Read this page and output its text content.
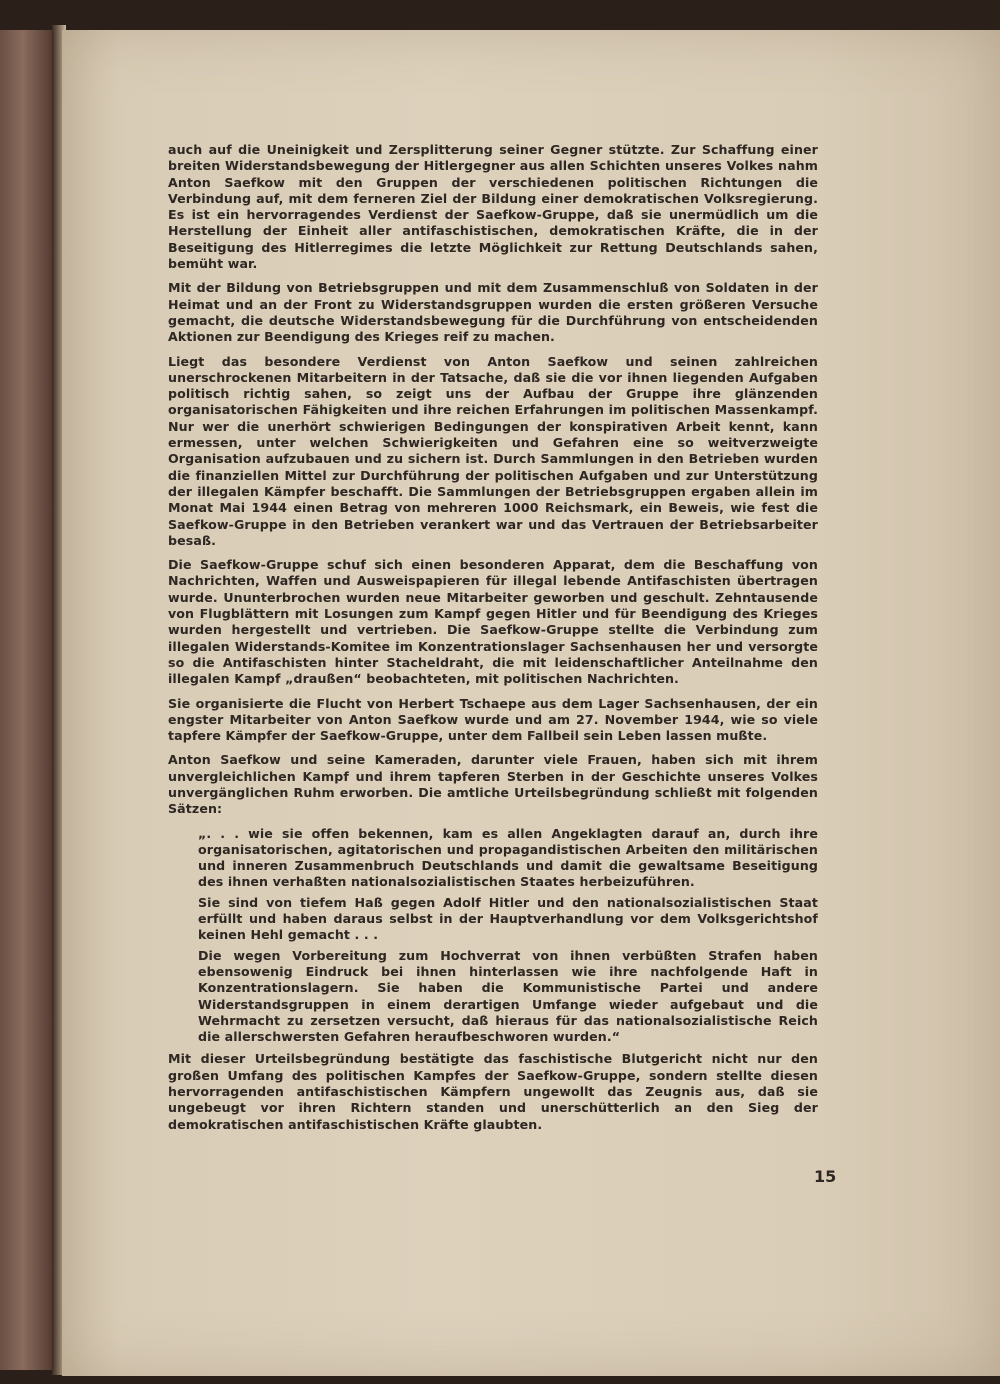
auch auf die Uneinigkeit und Zersplitterung seiner Gegner stützte. Zur Schaffung einer breiten Widerstandsbewegung der Hitlergegner aus allen Schichten unseres Volkes nahm Anton Saefkow mit den Gruppen der verschiedenen politischen Richtungen die Verbindung auf, mit dem ferneren Ziel der Bildung einer demokratischen Volksregierung. Es ist ein hervorragendes Verdienst der Saefkow-Gruppe, daß sie unermüdlich um die Herstellung der Einheit aller antifaschistischen, demokratischen Kräfte, die in der Beseitigung des Hitlerregimes die letzte Möglichkeit zur Rettung Deutschlands sahen, bemüht war.

Mit der Bildung von Betriebsgruppen und mit dem Zusammenschluß von Soldaten in der Heimat und an der Front zu Widerstandsgruppen wurden die ersten größeren Versuche gemacht, die deutsche Widerstandsbewegung für die Durchführung von entscheidenden Aktionen zur Beendigung des Krieges reif zu machen.

Liegt das besondere Verdienst von Anton Saefkow und seinen zahlreichen unerschrockenen Mitarbeitern in der Tatsache, daß sie die vor ihnen liegenden Aufgaben politisch richtig sahen, so zeigt uns der Aufbau der Gruppe ihre glänzenden organisatorischen Fähigkeiten und ihre reichen Erfahrungen im politischen Massenkampf. Nur wer die unerhört schwierigen Bedingungen der konspirativen Arbeit kennt, kann ermessen, unter welchen Schwierigkeiten und Gefahren eine so weitverzweigte Organisation aufzubauen und zu sichern ist. Durch Sammlungen in den Betrieben wurden die finanziellen Mittel zur Durchführung der politischen Aufgaben und zur Unterstützung der illegalen Kämpfer beschafft. Die Sammlungen der Betriebsgruppen ergaben allein im Monat Mai 1944 einen Betrag von mehreren 1000 Reichsmark, ein Beweis, wie fest die Saefkow-Gruppe in den Betrieben verankert war und das Vertrauen der Betriebsarbeiter besaß.

Die Saefkow-Gruppe schuf sich einen besonderen Apparat, dem die Beschaffung von Nachrichten, Waffen und Ausweispapieren für illegal lebende Antifaschisten übertragen wurde. Ununterbrochen wurden neue Mitarbeiter geworben und geschult. Zehntausende von Flugblättern mit Losungen zum Kampf gegen Hitler und für Beendigung des Krieges wurden hergestellt und vertrieben. Die Saefkow-Gruppe stellte die Verbindung zum illegalen Widerstands-Komitee im Konzentrationslager Sachsenhausen her und versorgte so die Antifaschisten hinter Stacheldraht, die mit leidenschaftlicher Anteilnahme den illegalen Kampf „draußen“ beobachteten, mit politischen Nachrichten.

Sie organisierte die Flucht von Herbert Tschaepe aus dem Lager Sachsenhausen, der ein engster Mitarbeiter von Anton Saefkow wurde und am 27. November 1944, wie so viele tapfere Kämpfer der Saefkow-Gruppe, unter dem Fallbeil sein Leben lassen mußte.

Anton Saefkow und seine Kameraden, darunter viele Frauen, haben sich mit ihrem unvergleichlichen Kampf und ihrem tapferen Sterben in der Geschichte unseres Volkes unvergänglichen Ruhm erworben. Die amtliche Urteilsbegründung schließt mit folgenden Sätzen:

„. . . wie sie offen bekennen, kam es allen Angeklagten darauf an, durch ihre organisatorischen, agitatorischen und propagandistischen Arbeiten den militärischen und inneren Zusammenbruch Deutschlands und damit die gewaltsame Beseitigung des ihnen verhaßten nationalsozialistischen Staates herbeizuführen.

Sie sind von tiefem Haß gegen Adolf Hitler und den nationalsozialistischen Staat erfüllt und haben daraus selbst in der Hauptverhandlung vor dem Volksgerichtshof keinen Hehl gemacht . . .

Die wegen Vorbereitung zum Hochverrat von ihnen verbüßten Strafen haben ebensowenig Eindruck bei ihnen hinterlassen wie ihre nachfolgende Haft in Konzentrationslagern. Sie haben die Kommunistische Partei und andere Widerstandsgruppen in einem derartigen Umfange wieder aufgebaut und die Wehrmacht zu zersetzen versucht, daß hieraus für das nationalsozialistische Reich die allerschwersten Gefahren heraufbeschworen wurden.“

Mit dieser Urteilsbegründung bestätigte das faschistische Blutgericht nicht nur den großen Umfang des politischen Kampfes der Saefkow-Gruppe, sondern stellte diesen hervorragenden antifaschistischen Kämpfern ungewollt das Zeugnis aus, daß sie ungebeugt vor ihren Richtern standen und unerschütterlich an den Sieg der demokratischen antifaschistischen Kräfte glaubten.

15
